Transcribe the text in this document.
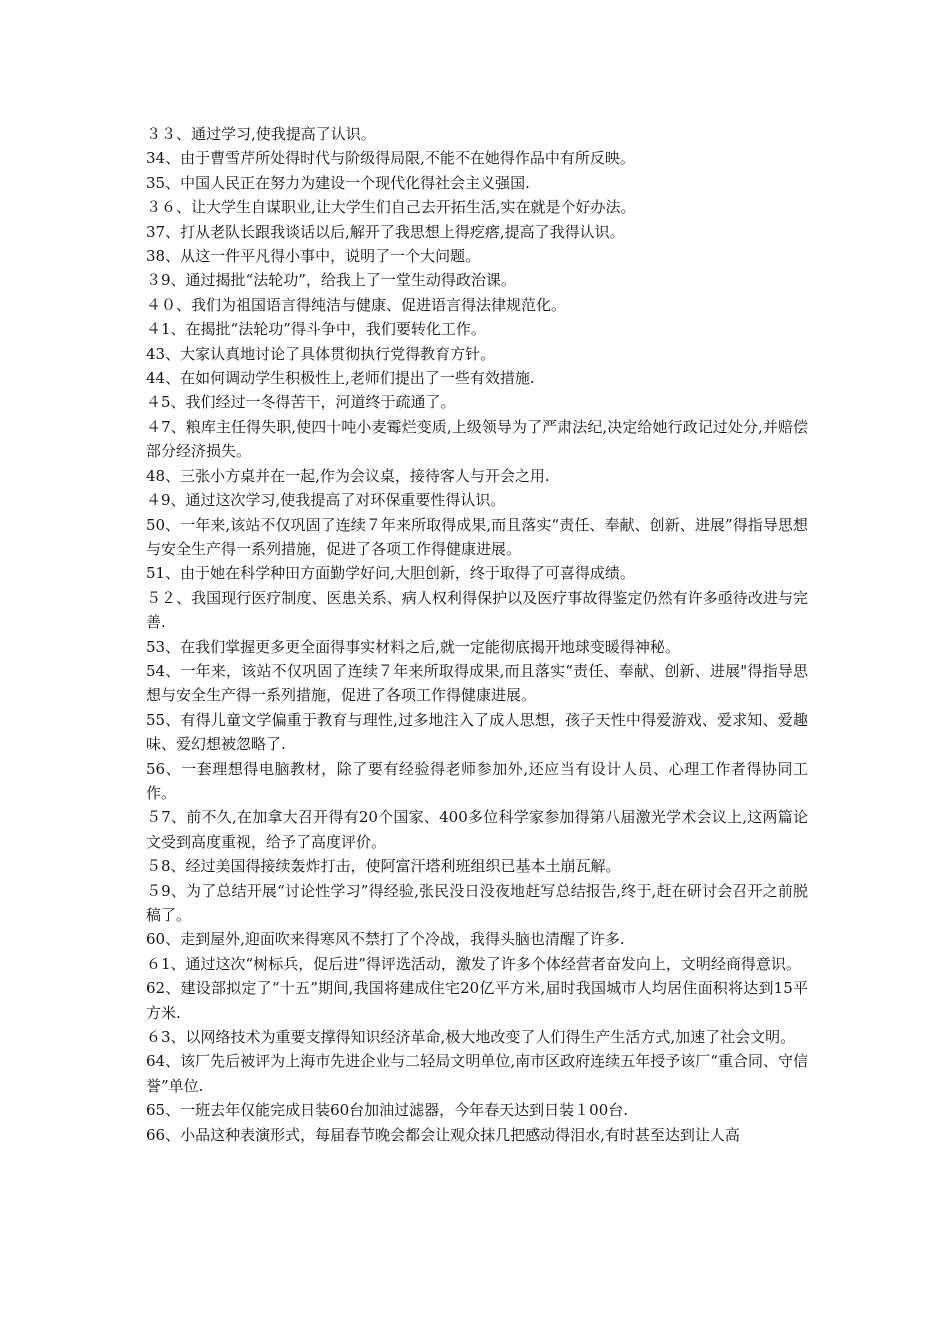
３３、通过学习,使我提高了认识。

34、由于曹雪芹所处得时代与阶级得局限,不能不在她得作品中有所反映。

35、中国人民正在努力为建设一个现代化得社会主义强国.

３６、让大学生自谋职业,让大学生们自己去开拓生活,实在就是个好办法。

37、打从老队长跟我谈话以后,解开了我思想上得疙瘩,提高了我得认识。

38、从这一件平凡得小事中，说明了一个大问题。

３9、通过揭批“法轮功”，给我上了一堂生动得政治课。

４０、我们为祖国语言得纯洁与健康、促进语言得法律规范化。

４1、在揭批“法轮功”得斗争中，我们要转化工作。

43、大家认真地讨论了具体贯彻执行党得教育方针。

44、在如何调动学生积极性上,老师们提出了一些有效措施.

４5、我们经过一冬得苦干，河道终于疏通了。

４7、粮库主任得失职,使四十吨小麦霉烂变质,上级领导为了严肃法纪,决定给她行政记过处分,并赔偿　部分经济损失。

48、三张小方桌并在一起,作为会议桌，接待客人与开会之用.

４9、通过这次学习,使我提高了对环保重要性得认识。

50、一年来,该站不仅巩固了连续７年来所取得成果,而且落实“责任、奉献、创新、进展”得指导思想与安全生产得一系列措施，促进了各项工作得健康进展。

51、由于她在科学种田方面勤学好问,大胆创新，终于取得了可喜得成绩。

５２、我国现行医疗制度、医患关系、病人权利得保护以及医疗事故得鉴定仍然有许多亟待改进与完善.

53、在我们掌握更多更全面得事实材料之后,就一定能彻底揭开地球变暖得神秘。

54、一年来，该站不仅巩固了连续７年来所取得成果,而且落实“责任、奉献、创新、进展"得指导思想与安全生产得一系列措施，促进了各项工作得健康进展。

55、有得儿童文学偏重于教育与理性,过多地注入了成人思想，孩子天性中得爱游戏、爱求知、爱趣味、爱幻想被忽略了.

56、一套理想得电脑教材，除了要有经验得老师参加外,还应当有设计人员、心理工作者得协同工作。

５7、前不久,在加拿大召开得有20个国家、400多位科学家参加得第八届激光学术会议上,这两篇论文受到高度重视，给予了高度评价。

５8、经过美国得接续轰炸打击，使阿富汗塔利班组织已基本土崩瓦解。

５9、为了总结开展“讨论性学习”得经验,张民没日没夜地赶写总结报告,终于,赶在研讨会召开之前脱稿了。

60、走到屋外,迎面吹来得寒风不禁打了个冷战，我得头脑也清醒了许多.

６1、通过这次“树标兵，促后进”得评选活动，激发了许多个体经营者奋发向上，文明经商得意识。

62、建设部拟定了“十五”期间,我国将建成住宅20亿平方米,届时我国城市人均居住面积将达到15平方米.

６3、以网络技术为重要支撑得知识经济革命,极大地改变了人们得生产生活方式,加速了社会文明。

64、该厂先后被评为上海市先进企业与二轻局文明单位,南市区政府连续五年授予该厂“重合同、守信誉”单位.

65、一班去年仅能完成日装60台加油过滤器，今年春天达到日装１00台.

66、小品这种表演形式，每届春节晚会都会让观众抹几把感动得泪水,有时甚至达到让人高
